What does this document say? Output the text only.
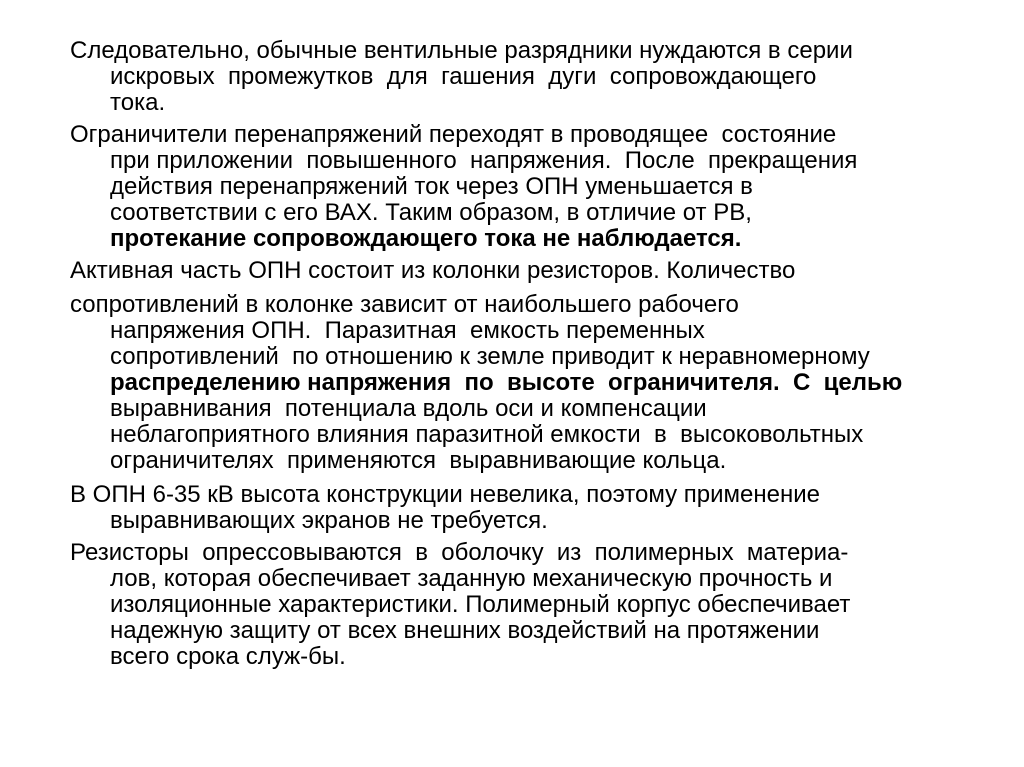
Следовательно, обычные вентильные разрядники нуждаются в серии
искровых  промежутков  для  гашения  дуги  сопровождающего
тока.
Ограничители перенапряжений переходят в проводящее  состояние
при приложении  повышенного  напряжения.  После  прекращения
действия перенапряжений ток через ОПН уменьшается в
соответствии с его ВАХ. Таким образом, в отличие от РВ,
протекание сопровождающего тока не наблюдается.
Активная часть ОПН состоит из колонки резисторов. Количество
сопротивлений в колонке зависит от наибольшего рабочего
напряжения ОПН.  Паразитная  емкость переменных
сопротивлений  по отношению к земле приводит к неравномерному
распределению напряжения  по  высоте  ограничителя.  С  целью
выравнивания  потенциала вдоль оси и компенсации
неблагоприятного влияния паразитной емкости  в  высоковольтных
ограничителях  применяются  выравнивающие кольца.
В ОПН 6-35 кВ высота конструкции невелика, поэтому применение
выравнивающих экранов не требуется.
Резисторы  опрессовываются  в  оболочку  из  полимерных  материа-
лов, которая обеспечивает заданную механическую прочность и
изоляционные характеристики. Полимерный корпус обеспечивает
надежную защиту от всех внешних воздействий на протяжении
всего срока служ-бы.
